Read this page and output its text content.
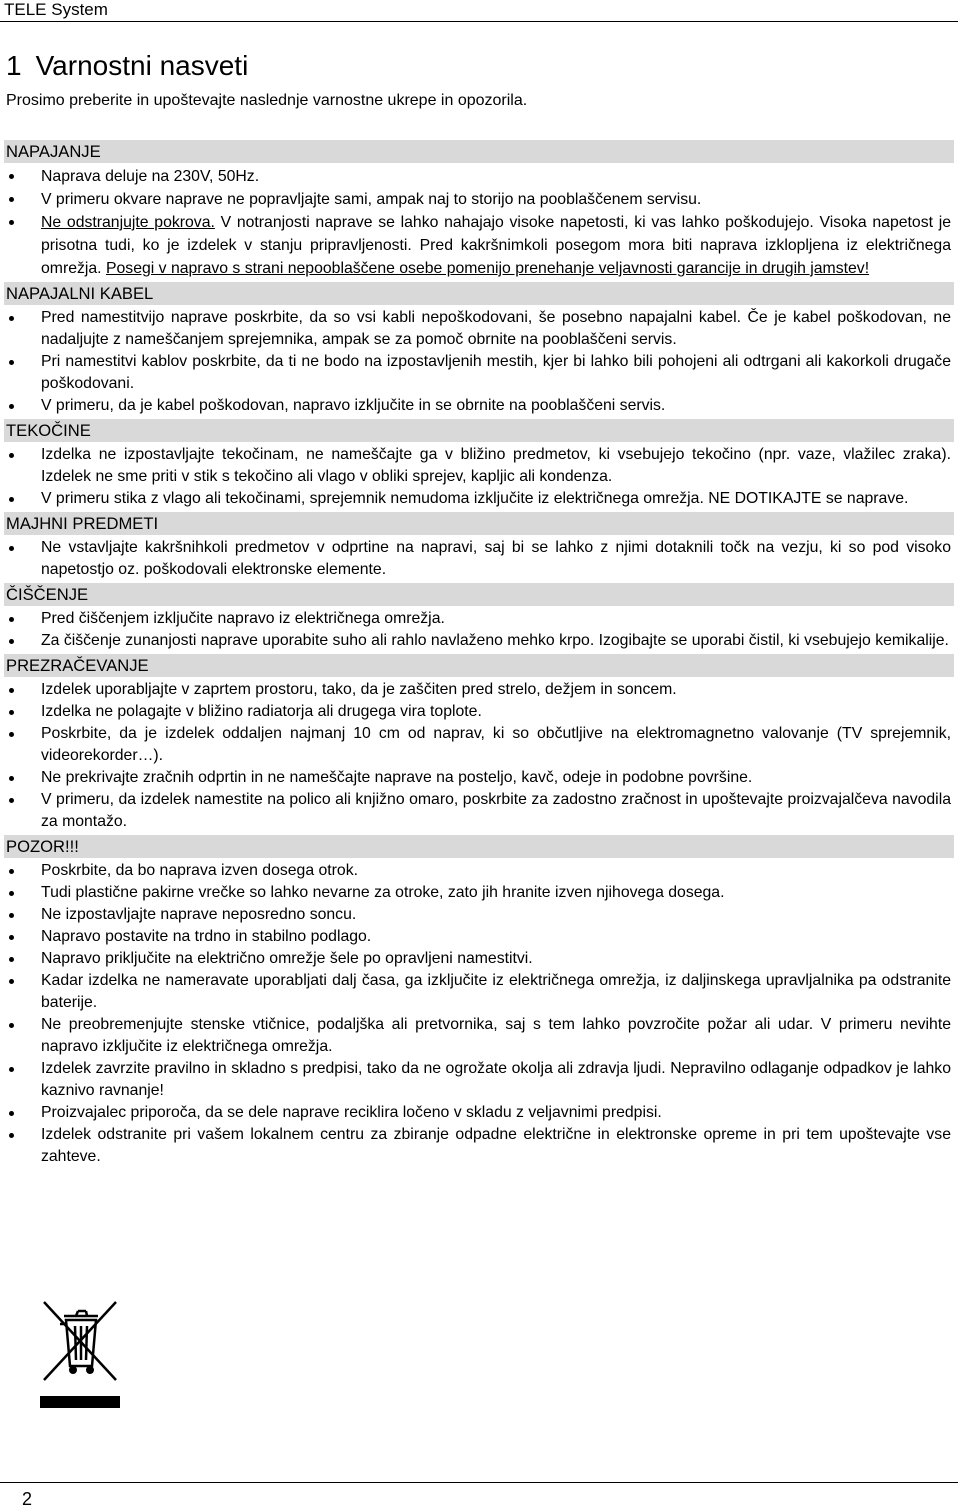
TELE System
1 Varnostni nasveti

Prosimo preberite in upoštevajte naslednje varnostne ukrepe in opozorila.

NAPAJANJE
Naprava deluje na 230V, 50Hz.
V primeru okvare naprave ne popravljajte sami, ampak naj to storijo na pooblaščenem servisu.
Ne odstranjujte pokrova. V notranjosti naprave se lahko nahajajo visoke napetosti, ki vas lahko poškodujejo. Visoka napetost je prisotna tudi, ko je izdelek v stanju pripravljenosti. Pred kakršnimkoli posegom mora biti naprava izklopljena iz električnega omrežja. Posegi v napravo s strani nepooblaščene osebe pomenijo prenehanje veljavnosti garancije in drugih jamstev!
NAPAJALNI KABEL
Pred namestitvijo naprave poskrbite, da so vsi kabli nepoškodovani, še posebno napajalni kabel. Če je kabel poškodovan, ne nadaljujte z nameščanjem sprejemnika, ampak se za pomoč obrnite na pooblaščeni servis.
Pri namestitvi kablov poskrbite, da ti ne bodo na izpostavljenih mestih, kjer bi lahko bili pohojeni ali odtrgani ali kakorkoli drugače poškodovani.
V primeru, da je kabel poškodovan, napravo izključite in se obrnite na pooblaščeni servis.
TEKOČINE
Izdelka ne izpostavljajte tekočinam, ne nameščajte ga v bližino predmetov, ki vsebujejo tekočino (npr. vaze, vlažilec zraka). Izdelek ne sme priti v stik s tekočino ali vlago v obliki sprejev, kapljic ali kondenza.
V primeru stika z vlago ali tekočinami, sprejemnik nemudoma izključite iz električnega omrežja. NE DOTIKAJTE se naprave.
MAJHNI PREDMETI
Ne vstavljajte kakršnihkoli predmetov v odprtine na napravi, saj bi se lahko z njimi dotaknili točk na vezju, ki so pod visoko napetostjo oz. poškodovali elektronske elemente.
ČIŠČENJE
Pred čiščenjem izključite napravo iz električnega omrežja.
Za čiščenje zunanjosti naprave uporabite suho ali rahlo navlaženo mehko krpo. Izogibajte se uporabi čistil, ki vsebujejo kemikalije.
PREZRAČEVANJE
Izdelek uporabljajte v zaprtem prostoru, tako, da je zaščiten pred strelo, dežjem in soncem.
Izdelka ne polagajte v bližino radiatorja ali drugega vira toplote.
Poskrbite, da je izdelek oddaljen najmanj 10 cm od naprav, ki so občutljive na elektromagnetno valovanje (TV sprejemnik, videorekorder…).
Ne prekrivajte zračnih odprtin in ne nameščajte naprave na posteljo, kavč, odeje in podobne površine.
V primeru, da izdelek namestite na polico ali knjižno omaro, poskrbite za zadostno zračnost in upoštevajte proizvajalčeva navodila za montažo.
POZOR!!!
Poskrbite, da bo naprava izven dosega otrok.
Tudi plastične pakirne vrečke so lahko nevarne za otroke, zato jih hranite izven njihovega dosega.
Ne izpostavljajte naprave neposredno soncu.
Napravo postavite na trdno in stabilno podlago.
Napravo priključite na električno omrežje šele po opravljeni namestitvi.
Kadar izdelka ne nameravate uporabljati dalj časa, ga izključite iz električnega omrežja, iz daljinskega upravljalnika pa odstranite baterije.
Ne preobremenjujte stenske vtičnice, podaljška ali pretvornika, saj s tem lahko povzročite požar ali udar. V primeru nevihte napravo izključite iz električnega omrežja.
Izdelek zavrzite pravilno in skladno s predpisi, tako da ne ogrožate okolja ali zdravja ljudi. Nepravilno odlaganje odpadkov je lahko kaznivo ravnanje!
Proizvajalec priporoča, da se dele naprave reciklira ločeno v skladu z veljavnimi predpisi.
Izdelek odstranite pri vašem lokalnem centru za zbiranje odpadne električne in elektronske opreme in pri tem upoštevajte vse zahteve.
2
